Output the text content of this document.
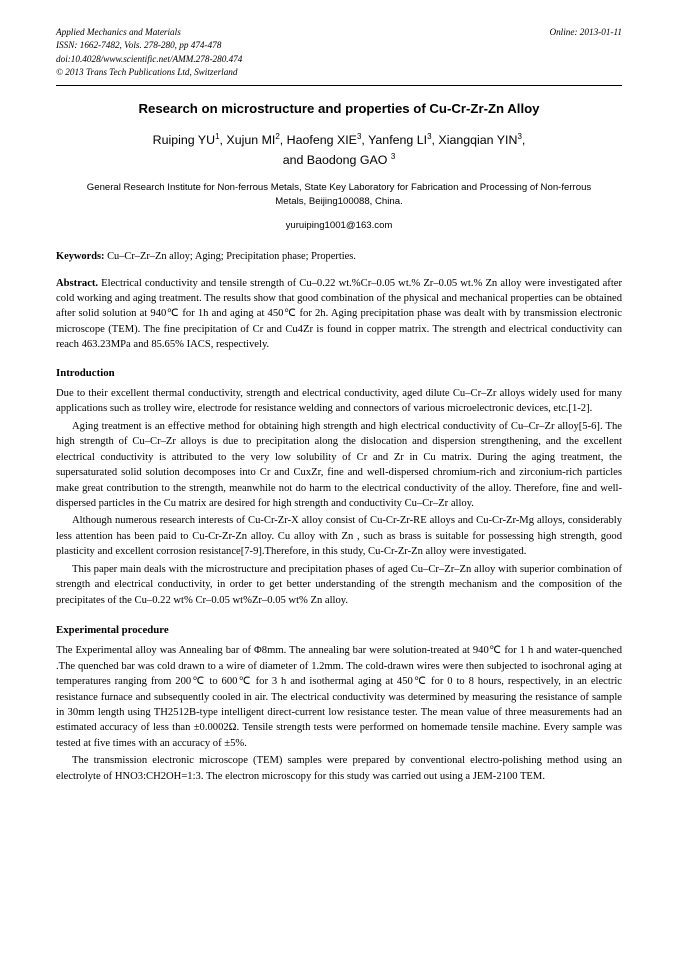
Online: 2013-01-11
Applied Mechanics and Materials
ISSN: 1662-7482, Vols. 278-280, pp 474-478
doi:10.4028/www.scientific.net/AMM.278-280.474
© 2013 Trans Tech Publications Ltd, Switzerland
Research on microstructure and properties of Cu-Cr-Zr-Zn Alloy
Ruiping $YU^1$, Xujun $MI^2$, Haofeng XIE$^3$, Yanfeng $LI^3$, Xiangqian YIN$^3$,
and Baodong GAO $^3$
General Research Institute for Non-ferrous Metals, State Key Laboratory for Fabrication and Processing of Non-ferrous Metals, Beijing100088, China.
yuruiping1001@163.com

Keywords: Cu–Cr–Zr–Zn alloy; Aging; Precipitation phase; Properties.

Abstract. Electrical conductivity and tensile strength of Cu–0.22 wt.%Cr–0.05 wt.% Zr–0.05 wt.% Zn alloy were investigated after cold working and aging treatment. The results show that good combination of the physical and mechanical properties can be obtained after solid solution at 940℃ for 1h and aging at 450℃ for 2h. Aging precipitation phase was dealt with by transmission electronic microscope (TEM). The fine precipitation of Cr and Cu4Zr is found in copper matrix. The strength and electrical conductivity can reach 463.23MPa and 85.65% IACS, respectively.

Introduction

Due to their excellent thermal conductivity, strength and electrical conductivity, aged dilute Cu–Cr–Zr alloys widely used for many applications such as trolley wire, electrode for resistance welding and connectors of various microelectronic devices, etc.[1-2].

Aging treatment is an effective method for obtaining high strength and high electrical conductivity of Cu–Cr–Zr alloy[5-6]. The high strength of Cu–Cr–Zr alloys is due to precipitation along the dislocation and dispersion strengthening, and the excellent electrical conductivity is attributed to the very low solubility of Cr and Zr in Cu matrix. During the aging treatment, the supersaturated solid solution decomposes into Cr and CuxZr, fine and well-dispersed chromium-rich and zirconium-rich particles make great contribution to the strength, meanwhile not do harm to the electrical conductivity of the alloy. Therefore, fine and well-dispersed particles in the Cu matrix are desired for high strength and conductivity Cu–Cr–Zr alloy.

Although numerous research interests of Cu-Cr-Zr-X alloy consist of Cu-Cr-Zr-RE alloys and Cu-Cr-Zr-Mg alloys, considerably less attention has been paid to Cu-Cr-Zr-Zn alloy. Cu alloy with Zn , such as brass is suitable for possessing high strength, good plasticity and excellent corrosion resistance[7-9].Therefore, in this study, Cu-Cr-Zr-Zn alloy were investigated.

This paper main deals with the microstructure and precipitation phases of aged Cu–Cr–Zr–Zn alloy with superior combination of strength and electrical conductivity, in order to get better understanding of the strength mechanism and the composition of the precipitates of the Cu–0.22 wt% Cr–0.05 wt%Zr–0.05 wt% Zn alloy.

Experimental procedure

The Experimental alloy was Annealing bar of Φ8mm. The annealing bar were solution-treated at 940℃ for 1 h and water-quenched .The quenched bar was cold drawn to a wire of diameter of 1.2mm. The cold-drawn wires were then subjected to isochronal aging at temperatures ranging from 200℃ to 600℃ for 3 h and isothermal aging at 450℃ for 0 to 8 hours, respectively, in an electric resistance furnace and subsequently cooled in air. The electrical conductivity was determined by measuring the resistance of sample in 30mm length using TH2512B-type intelligent direct-current low resistance tester. The mean value of three measurements had an estimated accuracy of less than ±0.0002Ω. Tensile strength tests were performed on homemade tensile machine. Every sample was tested at five times with an accuracy of ±5%.

The transmission electronic microscope (TEM) samples were prepared by conventional electro-polishing method using an electrolyte of HNO3:CH2OH=1:3. The electron microscopy for this study was carried out using a JEM-2100 TEM.
